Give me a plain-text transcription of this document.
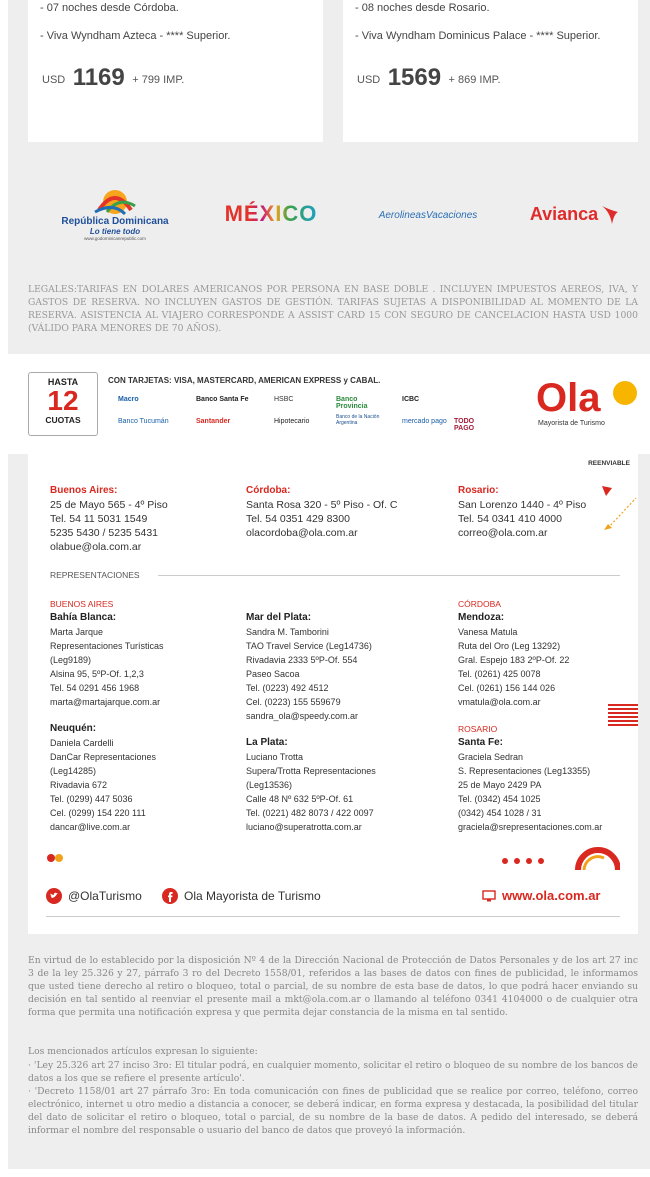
- 07 noches desde Córdoba.
- Viva Wyndham Azteca - **** Superior.
USD 1169 + 799 IMP.
- 08 noches desde Rosario.
- Viva Wyndham Dominicus Palace - **** Superior.
USD 1569 + 869 IMP.
República Dominicana
Lo tiene todo
www.godominicanrepublic.com
MÉXICO	AerolineasVacaciones	Avianca
LEGALES:TARIFAS EN DOLARES AMERICANOS POR PERSONA EN BASE DOBLE . INCLUYEN IMPUESTOS AEREOS, IVA, Y GASTOS DE RESERVA. NO INCLUYEN GASTOS DE GESTIÓN. TARIFAS SUJETAS A DISPONIBILIDAD AL MOMENTO DE LA RESERVA. ASISTENCIA AL VIAJERO CORRESPONDE A ASSIST CARD 15 CON SEGURO DE CANCELACION HASTA USD 1000 (VÁLIDO PARA MENORES DE 70 AÑOS).
HASTA
12
CUOTAS
CON TARJETAS: VISA, MASTERCARD, AMERICAN EXPRESS y CABAL.
Macro	Banco Santa Fe	HSBC	Banco Provincia
ICBC
Banco Tucumán	Santander	Hipotecario
Banco de la Nación Argentina	mercado pago TODO PAGO
Ola
Mayorista de Turismo
REENVIABLE
Buenos Aires:
25 de Mayo 565 - 4º Piso
Tel. 54 11 5031 1549
5235 5430 / 5235 5431
olabue@ola.com.ar
Córdoba:
Santa Rosa 320 - 5º Piso - Of. C
Tel. 54 0351 429 8300
olacordoba@ola.com.ar
Rosario:
San Lorenzo 1440 - 4º Piso
Tel. 54 0341 410 4000
correo@ola.com.ar
REPRESENTACIONES
BUENOS AIRES
Bahía Blanca:
Marta Jarque
Representaciones Turísticas
(Leg9189)
Alsina 95, 5ºP-Of. 1,2,3
Tel. 54 0291 456 1968
marta@martajarque.com.ar
Neuquén:
Daniela Cardelli
DanCar Representaciones
(Leg14285)
Rivadavia 672
Tel. (0299) 447 5036
Cel. (0299) 154 220 111
dancar@live.com.ar
Mar del Plata:
Sandra M. Tamborini
TAO Travel Service (Leg14736)
Rivadavia 2333 5ºP-Of. 554
Paseo Sacoa
Tel. (0223) 492 4512
Cel. (0223) 155 559679
sandra_ola@speedy.com.ar
La Plata:
Luciano Trotta
Supera/Trotta Representaciones
(Leg13536)
Calle 48 Nº 632 5ºP-Of. 61
Tel. (0221) 482 8073 / 422 0097
luciano@superatrotta.com.ar
CÓRDOBA
Mendoza:
Vanesa Matula
Ruta del Oro (Leg 13292)
Gral. Espejo 183 2ºP-Of. 22
Tel. (0261) 425 0078
Cel. (0261) 156 144 026
vmatula@ola.com.ar
ROSARIO
Santa Fe:
Graciela Sedran
S. Representaciones (Leg13355)
25 de Mayo 2429 PA
Tel. (0342) 454 1025
(0342) 454 1028 / 31
graciela@srepresentaciones.com.ar
@OlaTurismo	Ola Mayorista de Turismo	www.ola.com.ar
En virtud de lo establecido por la disposición Nº 4 de la Dirección Nacional de Protección de Datos Personales y de los art 27 inc 3 de la ley 25.326 y 27, párrafo 3 ro del Decreto 1558/01, referidos a las bases de datos con fines de publicidad, le informamos que usted tiene derecho al retiro o bloqueo, total o parcial, de su nombre de esta base de datos, lo que podrá hacer enviando su decisión en tal sentido al reenviar el presente mail a mkt@ola.com.ar o llamando al teléfono 0341 4104000 o de cualquier otra forma que permita una notificación expresa y que permita dejar constancia de la misma en tal sentido.
Los mencionados artículos expresan lo siguiente:
· 'Ley 25.326 art 27 inciso 3ro: El titular podrá, en cualquier momento, solicitar el retiro o bloqueo de su nombre de los bancos de datos a los que se refiere el presente artículo'.
· 'Decreto 1158/01 art 27 párrafo 3ro: En toda comunicación con fines de publicidad que se realice por correo, teléfono, correo electrónico, internet u otro medio a distancia a conocer, se deberá indicar, en forma expresa y destacada, la posibilidad del titular del dato de solicitar el retiro o bloqueo, total o parcial, de su nombre de la base de datos. A pedido del interesado, se deberá informar el nombre del responsable o usuario del banco de datos que proveyó la información.
